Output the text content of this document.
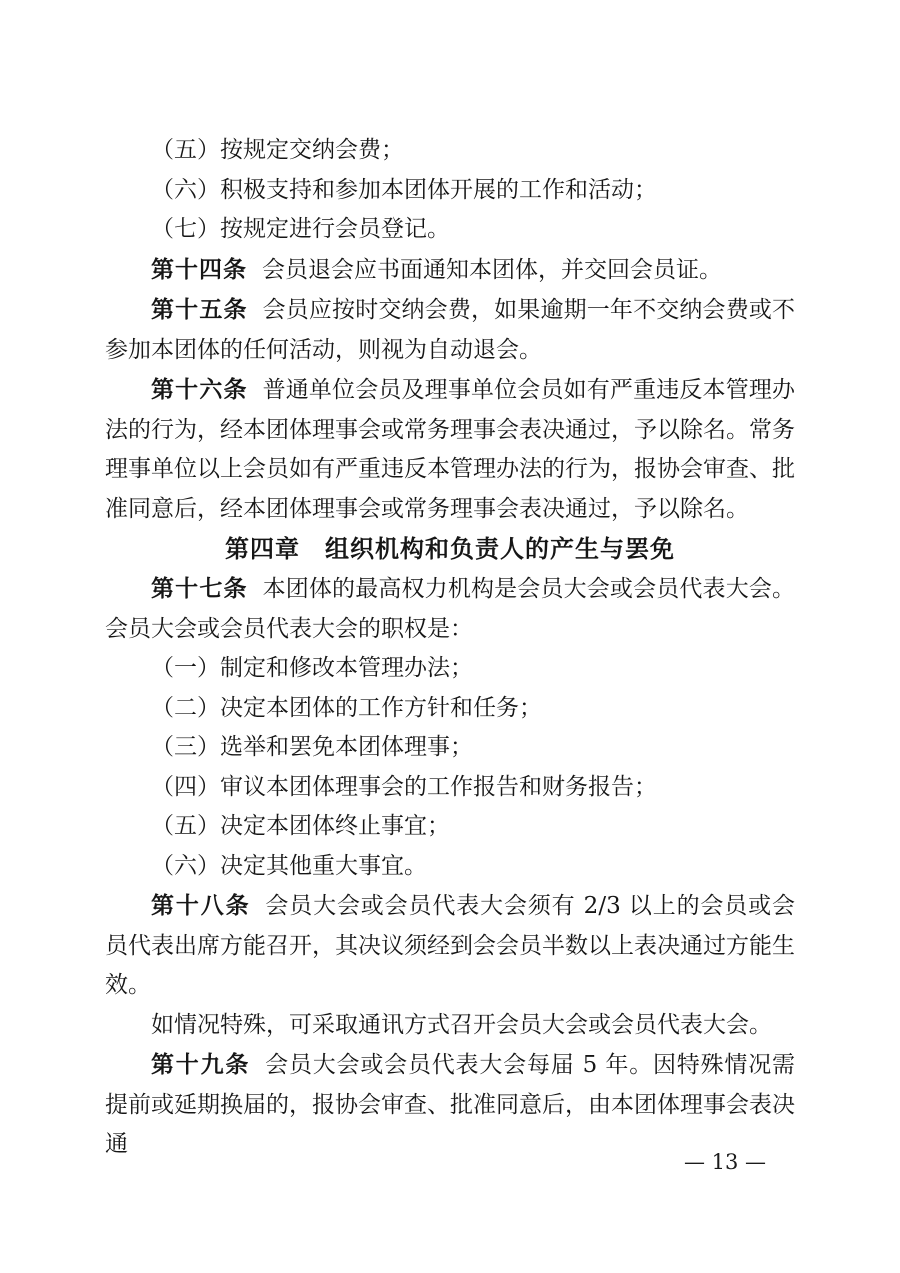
（五）按规定交纳会费；

（六）积极支持和参加本团体开展的工作和活动；

（七）按规定进行会员登记。

第十四条 会员退会应书面通知本团体，并交回会员证。

第十五条 会员应按时交纳会费，如果逾期一年不交纳会费或不参加本团体的任何活动，则视为自动退会。

第十六条 普通单位会员及理事单位会员如有严重违反本管理办法的行为，经本团体理事会或常务理事会表决通过，予以除名。常务理事单位以上会员如有严重违反本管理办法的行为，报协会审查、批准同意后，经本团体理事会或常务理事会表决通过，予以除名。

第四章　组织机构和负责人的产生与罢免

第十七条 本团体的最高权力机构是会员大会或会员代表大会。会员大会或会员代表大会的职权是：

（一）制定和修改本管理办法；

（二）决定本团体的工作方针和任务；

（三）选举和罢免本团体理事；

（四）审议本团体理事会的工作报告和财务报告；

（五）决定本团体终止事宜；

（六）决定其他重大事宜。

第十八条 会员大会或会员代表大会须有 2/3 以上的会员或会员代表出席方能召开，其决议须经到会会员半数以上表决通过方能生效。

如情况特殊，可采取通讯方式召开会员大会或会员代表大会。

第十九条 会员大会或会员代表大会每届 5 年。因特殊情况需提前或延期换届的，报协会审查、批准同意后，由本团体理事会表决通

— 13 —
